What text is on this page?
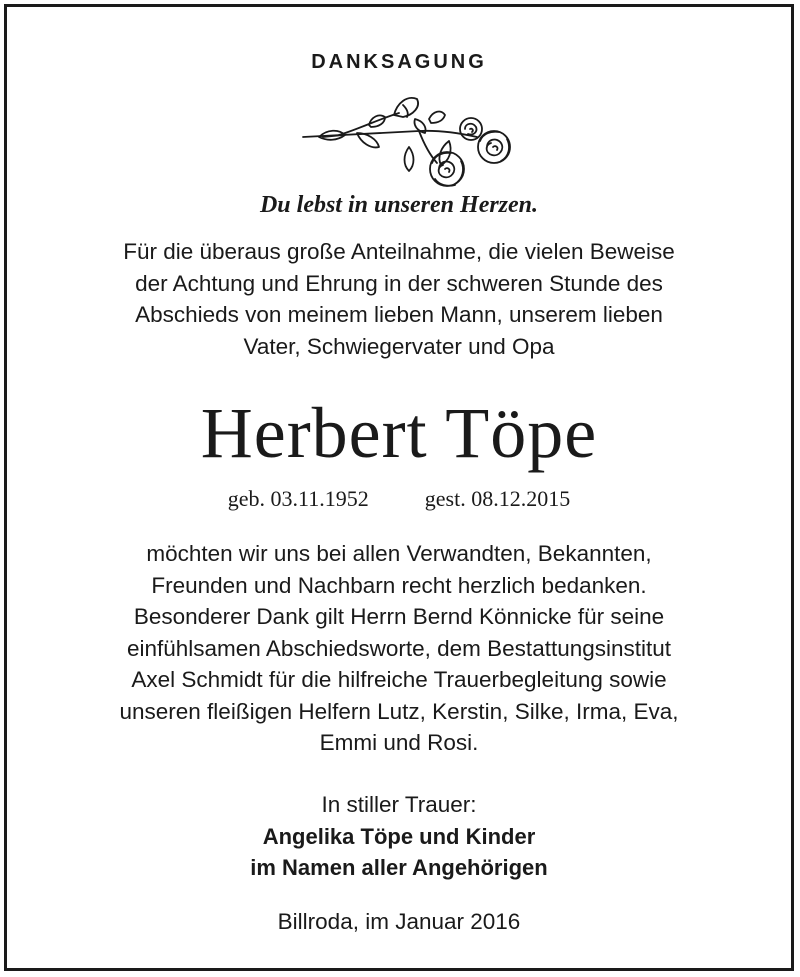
DANKSAGUNG
Du lebst in unseren Herzen.
Für die überaus große Anteilnahme, die vielen Beweise
der Achtung und Ehrung in der schweren Stunde des
Abschieds von meinem lieben Mann, unserem lieben
Vater, Schwiegervater und Opa
Herbert Töpe
geb. 03.11.1952	gest. 08.12.2015
möchten wir uns bei allen Verwandten, Bekannten,
Freunden und Nachbarn recht herzlich bedanken.
Besonderer Dank gilt Herrn Bernd Könnicke für seine
einfühlsamen Abschiedsworte, dem Bestattungsinstitut
Axel Schmidt für die hilfreiche Trauerbegleitung sowie
unseren fleißigen Helfern Lutz, Kerstin, Silke, Irma, Eva,
Emmi und Rosi.
In stiller Trauer:
Angelika Töpe und Kinder
im Namen aller Angehörigen
Billroda, im Januar 2016
